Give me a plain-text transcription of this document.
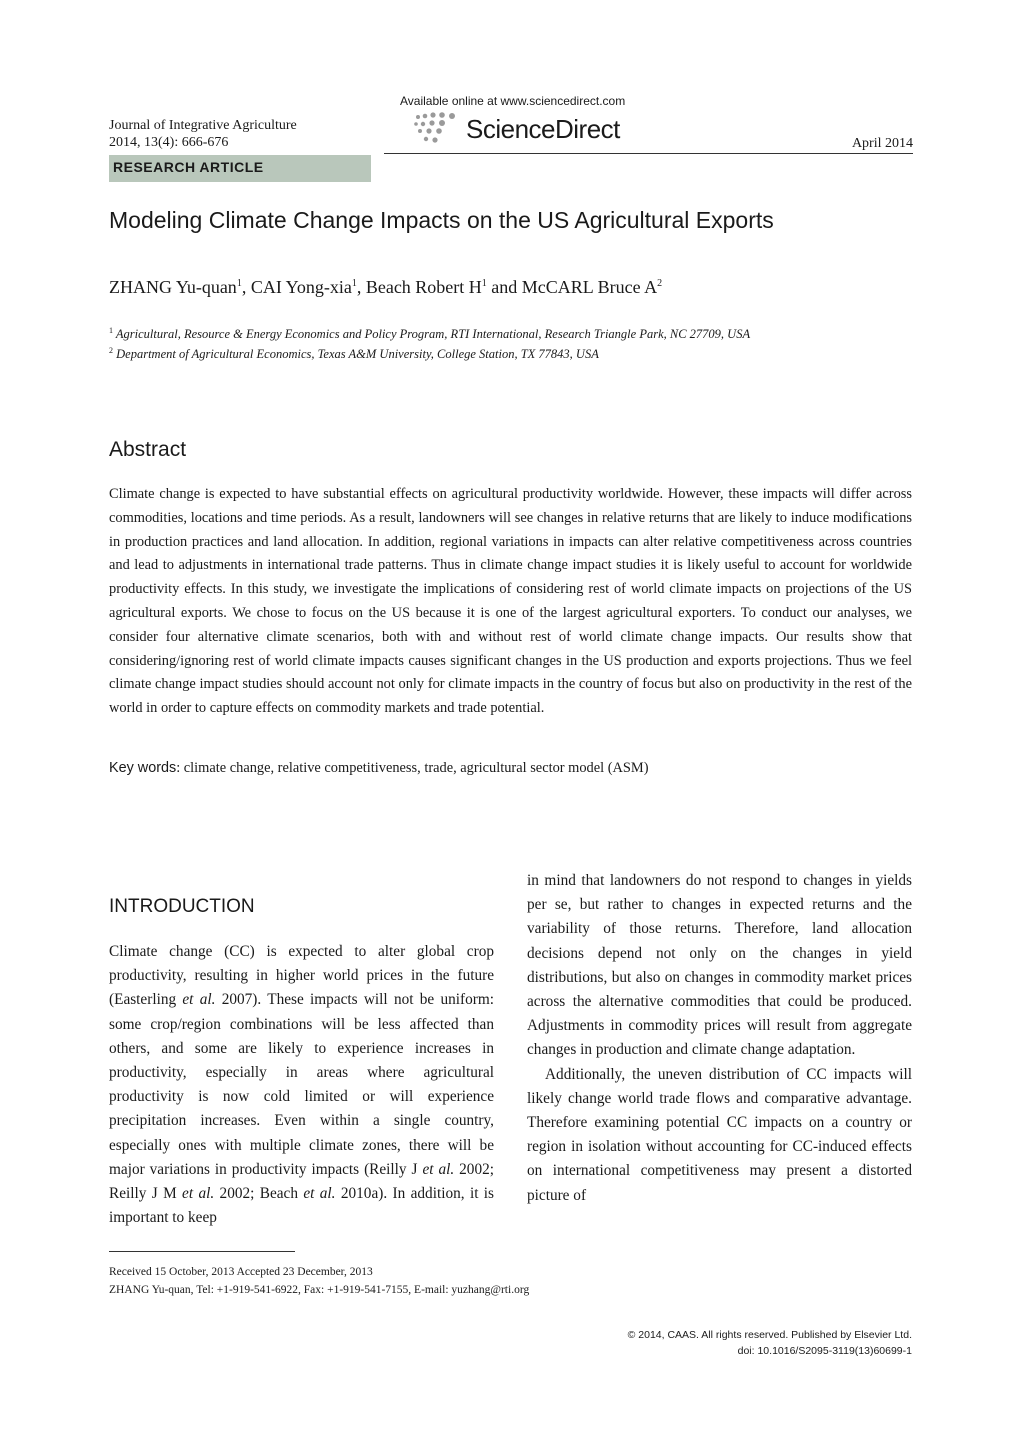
Journal of Integrative Agriculture
2014, 13(4): 666-676
Available online at www.sciencedirect.com
ScienceDirect	April 2014
RESEARCH ARTICLE
Modeling Climate Change Impacts on the US Agricultural Exports
ZHANG Yu-quan$^1$, CAI Yong-xia$^1$, Beach Robert $H^1$ and McCARL Bruce $A^2$
$^1$ Agricultural, Resource & Energy Economics and Policy Program, RTI International, Research Triangle Park, NC 27709, USA
$^2$ Department of Agricultural Economics, Texas A&M University, College Station, TX 77843, USA
Abstract

Climate change is expected to have substantial effects on agricultural productivity worldwide. However, these impacts will differ across commodities, locations and time periods. As a result, landowners will see changes in relative returns that are likely to induce modifications in production practices and land allocation. In addition, regional variations in impacts can alter relative competitiveness across countries and lead to adjustments in international trade patterns. Thus in climate change impact studies it is likely useful to account for worldwide productivity effects. In this study, we investigate the implications of considering rest of world climate impacts on projections of the US agricultural exports. We chose to focus on the US because it is one of the largest agricultural exporters. To conduct our analyses, we consider four alternative climate scenarios, both with and without rest of world climate change impacts. Our results show that considering/ignoring rest of world climate impacts causes significant changes in the US production and exports projections. Thus we feel climate change impact studies should account not only for climate impacts in the country of focus but also on productivity in the rest of the world in order to capture effects on commodity markets and trade potential.

Key words: climate change, relative competitiveness, trade, agricultural sector model (ASM)
INTRODUCTION

Climate change (CC) is expected to alter global crop productivity, resulting in higher world prices in the future (Easterling et al. 2007). These impacts will not be uniform: some crop/region combinations will be less affected than others, and some are likely to experience increases in productivity, especially in areas where agricultural productivity is now cold limited or will experience precipitation increases. Even within a single country, especially ones with multiple climate zones, there will be major variations in productivity impacts (Reilly J et al. 2002; Reilly J M et al. 2002; Beach et al. 2010a). In addition, it is important to keep

in mind that landowners do not respond to changes in yields per se, but rather to changes in expected returns and the variability of those returns. Therefore, land allocation decisions depend not only on the changes in yield distributions, but also on changes in commodity market prices across the alternative commodities that could be produced. Adjustments in commodity prices will result from aggregate changes in production and climate change adaptation.

Additionally, the uneven distribution of CC impacts will likely change world trade flows and comparative advantage. Therefore examining potential CC impacts on a country or region in isolation without accounting for CC-induced effects on international competitiveness may present a distorted picture of

Received 15 October, 2013 Accepted 23 December, 2013
ZHANG Yu-quan, Tel: +1-919-541-6922, Fax: +1-919-541-7155, E-mail: yuzhang@rti.org
© 2014, CAAS. All rights reserved. Published by Elsevier Ltd.
doi: 10.1016/S2095-3119(13)60699-1
